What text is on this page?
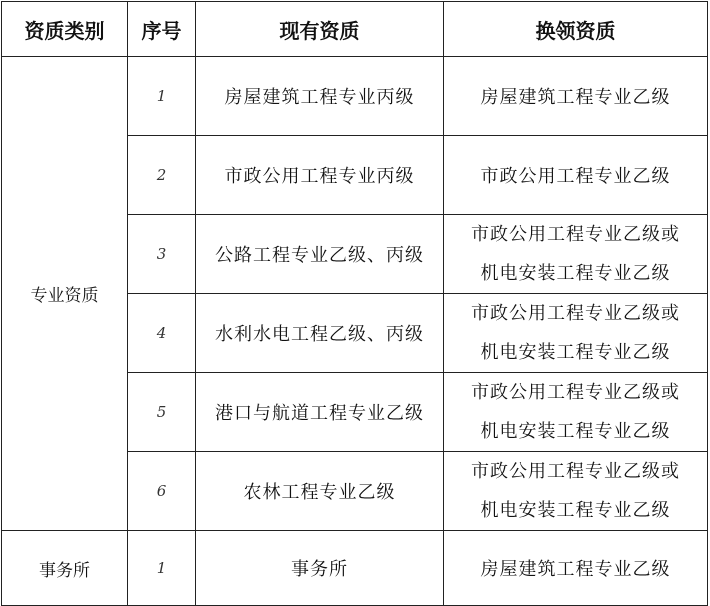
资质类别	序号	现有资质	换领资质
专业资质	1	房屋建筑工程专业丙级	房屋建筑工程专业乙级
	2	市政公用工程专业丙级	市政公用工程专业乙级
	3	公路工程专业乙级、丙级	市政公用工程专业乙级或
机电安装工程专业乙级

	4	水利水电工程乙级、丙级	市政公用工程专业乙级或
机电安装工程专业乙级

	5	港口与航道工程专业乙级	市政公用工程专业乙级或
机电安装工程专业乙级

	6	农林工程专业乙级	市政公用工程专业乙级或
机电安装工程专业乙级

事务所	1	事务所	房屋建筑工程专业乙级
